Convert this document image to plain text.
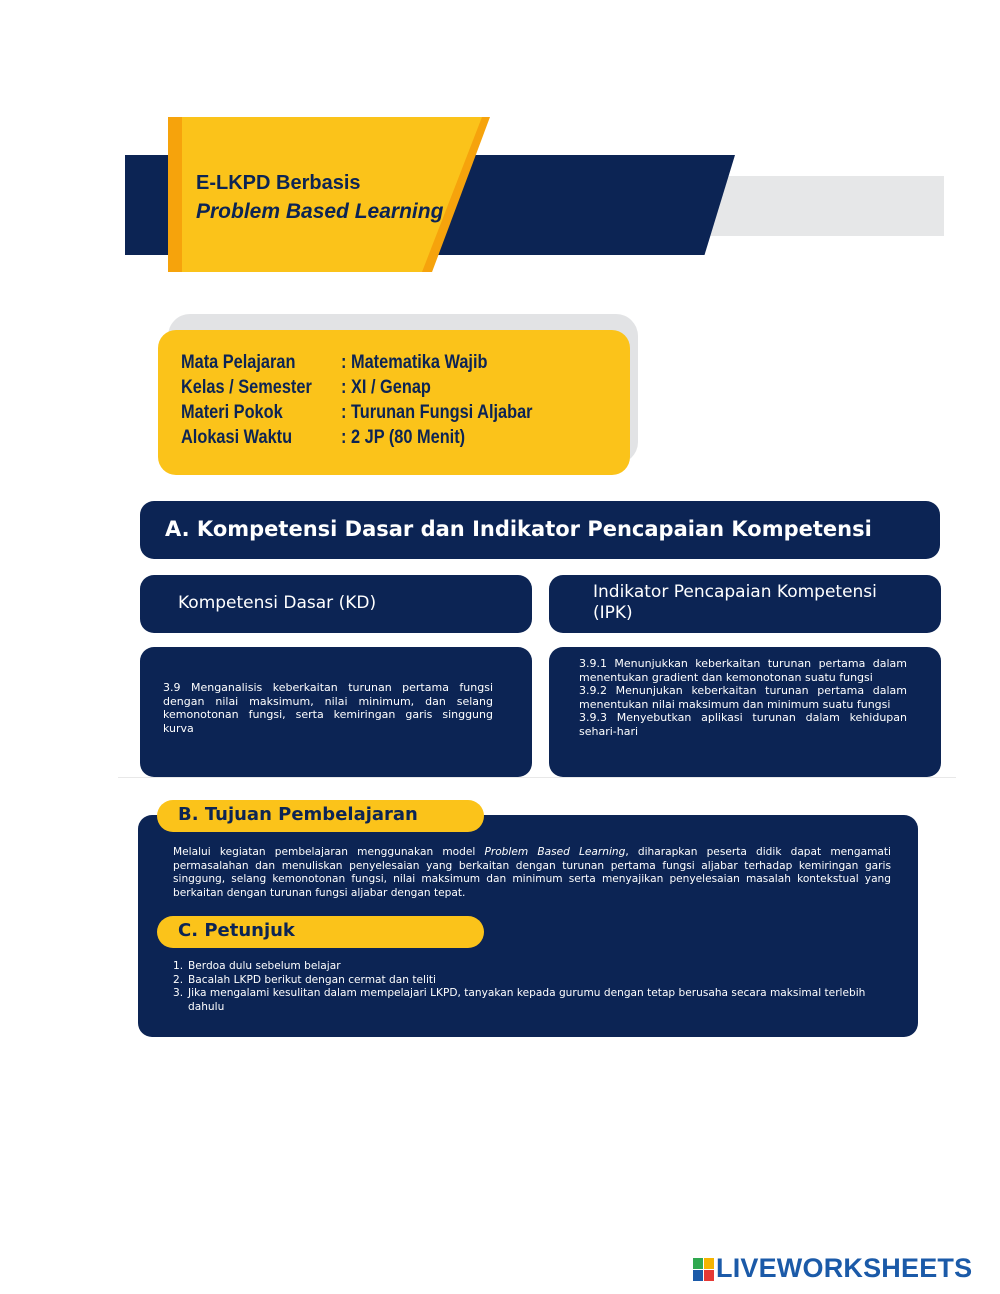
E-LKPD Berbasis
Problem Based Learning
Mata Pelajaran : Matematika Wajib
Kelas / Semester : XI / Genap
Materi Pokok	: Turunan Fungsi Aljabar
Alokasi Waktu	: 2 JP (80 Menit)
A. Kompetensi Dasar dan Indikator Pencapaian Kompetensi
Kompetensi Dasar (KD)
Indikator Pencapaian Kompetensi (IPK)
3.9 Menganalisis keberkaitan turunan pertama fungsi dengan nilai maksimum, nilai minimum, dan selang kemonotonan fungsi, serta kemiringan garis singgung kurva
3.9.1 Menunjukkan keberkaitan turunan pertama dalam menentukan gradient dan kemonotonan suatu fungsi
3.9.2 Menunjukan keberkaitan turunan pertama dalam menentukan nilai maksimum dan minimum suatu fungsi
3.9.3 Menyebutkan aplikasi turunan dalam kehidupan sehari-hari
B. Tujuan Pembelajaran

Melalui kegiatan pembelajaran menggunakan model Problem Based Learning, diharapkan peserta didik dapat mengamati permasalahan dan menuliskan penyelesaian yang berkaitan dengan turunan pertama fungsi aljabar terhadap kemiringan garis singgung, selang kemonotonan fungsi, nilai maksimum dan minimum serta menyajikan penyelesaian masalah kontekstual yang berkaitan dengan turunan fungsi aljabar dengan tepat.

C. Petunjuk
1. Berdoa dulu sebelum belajar
2. Bacalah LKPD berikut dengan cermat dan teliti
3. Jika mengalami kesulitan dalam mempelajari LKPD, tanyakan kepada gurumu dengan tetap berusaha secara maksimal terlebih dahulu
LIVEWORKSHEETS
